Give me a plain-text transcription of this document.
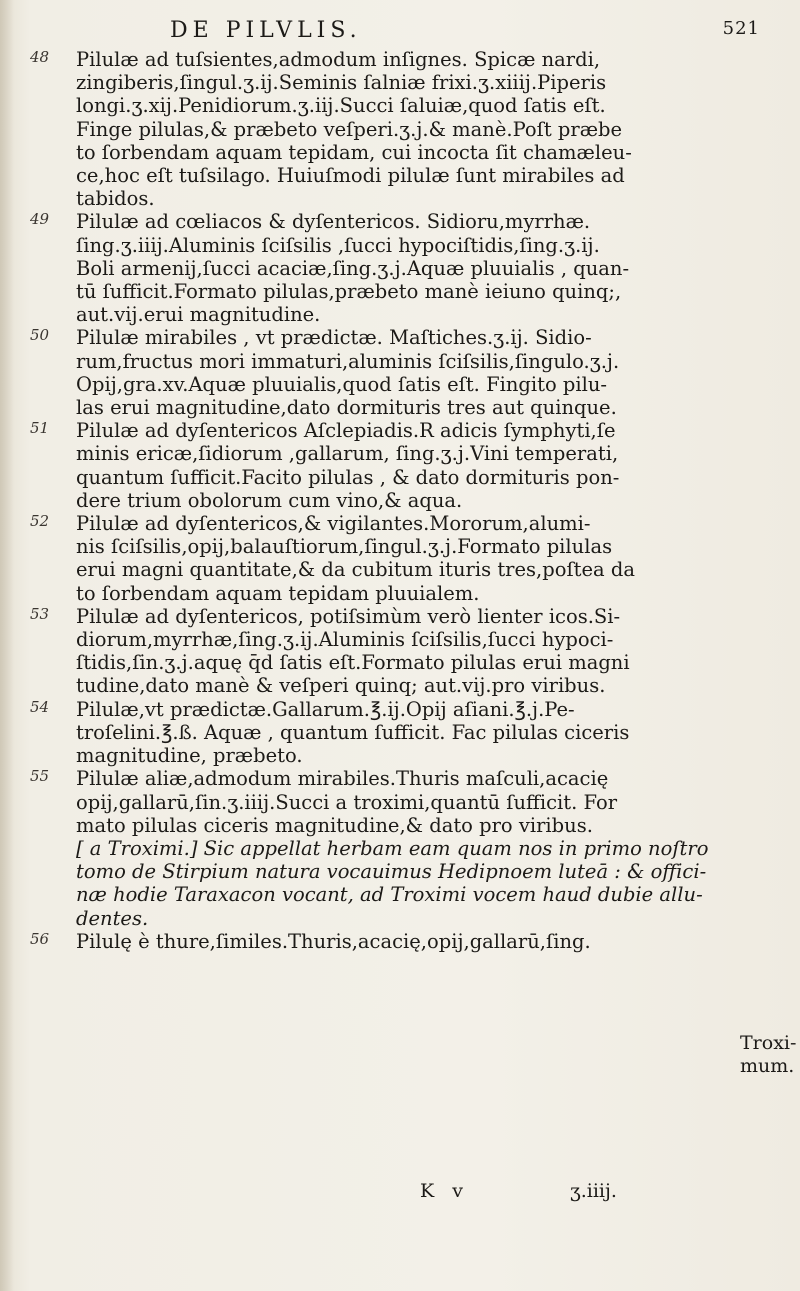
DE PILVLIS.	521
48 Pilulæ ad tuſsientes,admodum inſignes. Spicæ nardi,
zingiberis,ſingul.ʒ.ij.Seminis ſalniæ frixi.ʒ.xiiij.Piperis
longi.ʒ.xij.Penidiorum.ʒ.iij.Succi ſaluiæ,quod ſatis eſt.
Finge pilulas,& præbeto veſperi.ʒ.j.& manè.Poſt præbe
to ſorbendam aquam tepidam, cui incocta ſit chamæleu-
ce,hoc eſt tuſsilago. Huiuſmodi pilulæ ſunt mirabiles ad
tabidos.
49 Pilulæ ad cœliacos & dyſentericos. Sidioru,myrrhæ.
ſing.ʒ.iiij.Aluminis ſciſsilis ,ſucci hypociſtidis,ſing.ʒ.ij.
Boli armenij,ſucci acaciæ,ſing.ʒ.j.Aquæ pluuialis , quan-
tū ſufficit.Formato pilulas,præbeto manè ieiuno quinq;,
aut.vij.erui magnitudine.
50 Pilulæ mirabiles , vt prædictæ. Maſtiches.ʒ.ij. Sidio-
rum,fructus mori immaturi,aluminis ſciſsilis,ſingulo.ʒ.j.
Opij,gra.xv.Aquæ pluuialis,quod ſatis eſt. Fingito pilu-
las erui magnitudine,dato dormituris tres aut quinque.
51 Pilulæ ad dyſentericos Aſclepiadis.R adicis ſymphyti,ſe
minis ericæ,ſidiorum ,gallarum, ſing.ʒ.j.Vini temperati,
quantum ſufficit.Facito pilulas , & dato dormituris pon-
dere trium obolorum cum vino,& aqua.
52 Pilulæ ad dyſentericos,& vigilantes.Mororum,alumi-
nis ſciſsilis,opij,balauſtiorum,ſingul.ʒ.j.Formato pilulas
erui magni quantitate,& da cubitum ituris tres,poſtea da
to ſorbendam aquam tepidam pluuialem.
53 Pilulæ ad dyſentericos, potiſsimùm verò lienter icos.Si-
diorum,myrrhæ,ſing.ʒ.ij.Aluminis ſciſsilis,ſucci hypoci-
ſtidis,ſin.ʒ.j.aquę q̄d ſatis eſt.Formato pilulas erui magni
tudine,dato manè & veſperi quinq; aut.vij.pro viribus.
54 Pilulæ,vt prædictæ.Gallarum.℥.ij.Opij aſiani.℥.j.Pe-
troſelini.℥.ß. Aquæ , quantum ſufficit. Fac pilulas ciceris
magnitudine, præbeto.
55 Pilulæ aliæ,admodum mirabiles.Thuris maſculi,acacię
opij,gallarū,ſin.ʒ.iiij.Succi a troximi,quantū ſufficit. For
mato pilulas ciceris magnitudine,& dato pro viribus.
[ a Troximi.] Sic appellat herbam eam quam nos in primo noſtro
tomo de Stirpium natura vocauimus Hedipnoem luteā : & offici-
næ hodie Taraxacon vocant, ad Troximi vocem haud dubie allu-
dentes.
56 Pilulę è thure,ſimiles.Thuris,acacię,opij,gallarū,ſing.
Troxi-
mum.
K v	ʒ.iiij.
